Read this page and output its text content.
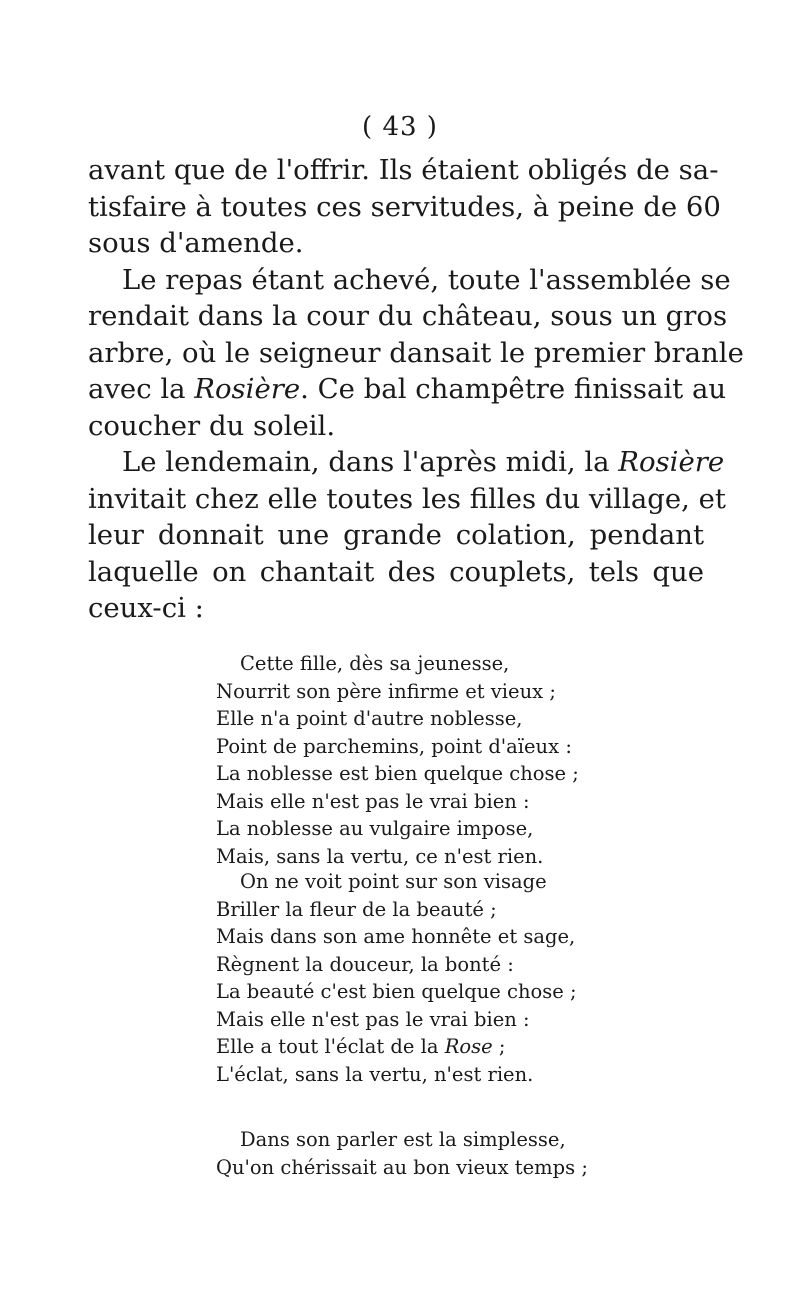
( 43 )
avant que de l'offrir. Ils étaient obligés de sa-
tisfaire à toutes ces servitudes, à peine de 60
sous d'amende.
Le repas étant achevé, toute l'assemblée se
rendait dans la cour du château, sous un gros
arbre, où le seigneur dansait le premier branle
avec la Rosière. Ce bal champêtre finissait au
coucher du soleil.
Le lendemain, dans l'après midi, la Rosière
invitait chez elle toutes les filles du village, et
leur donnait une grande colation, pendant
laquelle on chantait des couplets, tels que
ceux-ci :
Cette fille, dès sa jeunesse,
Nourrit son père infirme et vieux ;
Elle n'a point d'autre noblesse,
Point de parchemins, point d'aïeux :
La noblesse est bien quelque chose ;
Mais elle n'est pas le vrai bien :
La noblesse au vulgaire impose,
Mais, sans la vertu, ce n'est rien.
On ne voit point sur son visage
Briller la fleur de la beauté ;
Mais dans son ame honnête et sage,
Règnent la douceur, la bonté :
La beauté c'est bien quelque chose ;
Mais elle n'est pas le vrai bien :
Elle a tout l'éclat de la Rose ;
L'éclat, sans la vertu, n'est rien.
Dans son parler est la simplesse,
Qu'on chérissait au bon vieux temps ;
